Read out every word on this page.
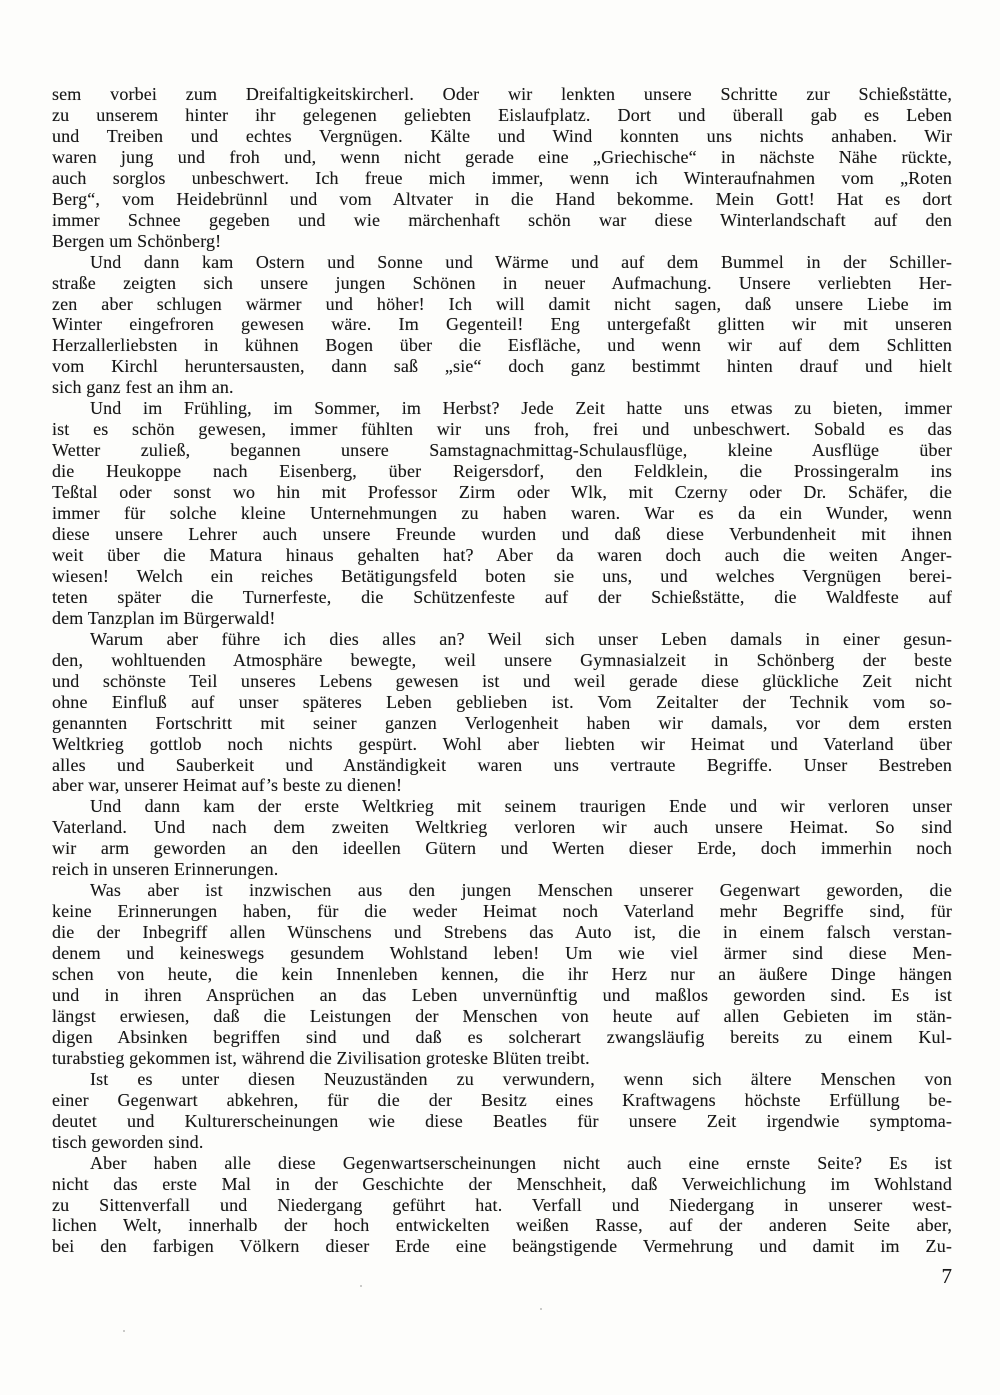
sem vorbei zum Dreifaltigkeitskircherl. Oder wir lenkten unsere Schritte zur Schießstätte,
zu unserem hinter ihr gelegenen geliebten Eislaufplatz. Dort und überall gab es Leben
und Treiben und echtes Vergnügen. Kälte und Wind konnten uns nichts anhaben. Wir
waren jung und froh und, wenn nicht gerade eine „Griechische“ in nächste Nähe rückte,
auch sorglos unbeschwert. Ich freue mich immer, wenn ich Winteraufnahmen vom „Roten
Berg“, vom Heidebrünnl und vom Altvater in die Hand bekomme. Mein Gott! Hat es dort
immer Schnee gegeben und wie märchenhaft schön war diese Winterlandschaft auf den
Bergen um Schönberg!
Und dann kam Ostern und Sonne und Wärme und auf dem Bummel in der Schiller-
straße zeigten sich unsere jungen Schönen in neuer Aufmachung. Unsere verliebten Her-
zen aber schlugen wärmer und höher! Ich will damit nicht sagen, daß unsere Liebe im
Winter eingefroren gewesen wäre. Im Gegenteil! Eng untergefaßt glitten wir mit unseren
Herzallerliebsten in kühnen Bogen über die Eisfläche, und wenn wir auf dem Schlitten
vom Kirchl heruntersausten, dann saß „sie“ doch ganz bestimmt hinten drauf und hielt
sich ganz fest an ihm an.
Und im Frühling, im Sommer, im Herbst? Jede Zeit hatte uns etwas zu bieten, immer
ist es schön gewesen, immer fühlten wir uns froh, frei und unbeschwert. Sobald es das
Wetter zuließ, begannen unsere Samstagnachmittag-Schulausflüge, kleine Ausflüge über
die Heukoppe nach Eisenberg, über Reigersdorf, den Feldklein, die Prossingeralm ins
Teßtal oder sonst wo hin mit Professor Zirm oder Wlk, mit Czerny oder Dr. Schäfer, die
immer für solche kleine Unternehmungen zu haben waren. War es da ein Wunder, wenn
diese unsere Lehrer auch unsere Freunde wurden und daß diese Verbundenheit mit ihnen
weit über die Matura hinaus gehalten hat? Aber da waren doch auch die weiten Anger-
wiesen! Welch ein reiches Betätigungsfeld boten sie uns, und welches Vergnügen berei-
teten später die Turnerfeste, die Schützenfeste auf der Schießstätte, die Waldfeste auf
dem Tanzplan im Bürgerwald!
Warum aber führe ich dies alles an? Weil sich unser Leben damals in einer gesun-
den, wohltuenden Atmosphäre bewegte, weil unsere Gymnasialzeit in Schönberg der beste
und schönste Teil unseres Lebens gewesen ist und weil gerade diese glückliche Zeit nicht
ohne Einfluß auf unser späteres Leben geblieben ist. Vom Zeitalter der Technik vom so-
genannten Fortschritt mit seiner ganzen Verlogenheit haben wir damals, vor dem ersten
Weltkrieg gottlob noch nichts gespürt. Wohl aber liebten wir Heimat und Vaterland über
alles und Sauberkeit und Anständigkeit waren uns vertraute Begriffe. Unser Bestreben
aber war, unserer Heimat auf’s beste zu dienen!
Und dann kam der erste Weltkrieg mit seinem traurigen Ende und wir verloren unser
Vaterland. Und nach dem zweiten Weltkrieg verloren wir auch unsere Heimat. So sind
wir arm geworden an den ideellen Gütern und Werten dieser Erde, doch immerhin noch
reich in unseren Erinnerungen.
Was aber ist inzwischen aus den jungen Menschen unserer Gegenwart geworden, die
keine Erinnerungen haben, für die weder Heimat noch Vaterland mehr Begriffe sind, für
die der Inbegriff allen Wünschens und Strebens das Auto ist, die in einem falsch verstan-
denem und keineswegs gesundem Wohlstand leben! Um wie viel ärmer sind diese Men-
schen von heute, die kein Innenleben kennen, die ihr Herz nur an äußere Dinge hängen
und in ihren Ansprüchen an das Leben unvernünftig und maßlos geworden sind. Es ist
längst erwiesen, daß die Leistungen der Menschen von heute auf allen Gebieten im stän-
digen Absinken begriffen sind und daß es solcherart zwangsläufig bereits zu einem Kul-
turabstieg gekommen ist, während die Zivilisation groteske Blüten treibt.
Ist es unter diesen Neuzuständen zu verwundern, wenn sich ältere Menschen von
einer Gegenwart abkehren, für die der Besitz eines Kraftwagens höchste Erfüllung be-
deutet und Kulturerscheinungen wie diese Beatles für unsere Zeit irgendwie symptoma-
tisch geworden sind.
Aber haben alle diese Gegenwartserscheinungen nicht auch eine ernste Seite? Es ist
nicht das erste Mal in der Geschichte der Menschheit, daß Verweichlichung im Wohlstand
zu Sittenverfall und Niedergang geführt hat. Verfall und Niedergang in unserer west-
lichen Welt, innerhalb der hoch entwickelten weißen Rasse, auf der anderen Seite aber,
bei den farbigen Völkern dieser Erde eine beängstigende Vermehrung und damit im Zu-
7
